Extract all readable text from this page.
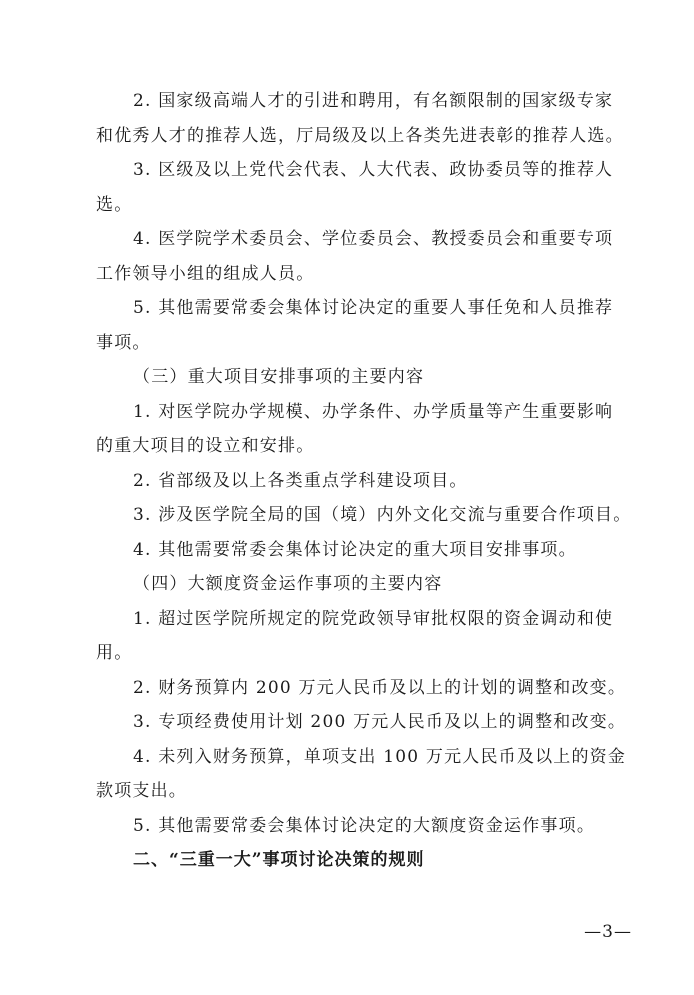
2. 国家级高端人才的引进和聘用，有名额限制的国家级专家
和优秀人才的推荐人选，厅局级及以上各类先进表彰的推荐人选。
3. 区级及以上党代会代表、人大代表、政协委员等的推荐人
选。
4. 医学院学术委员会、学位委员会、教授委员会和重要专项
工作领导小组的组成人员。
5. 其他需要常委会集体讨论决定的重要人事任免和人员推荐
事项。
（三）重大项目安排事项的主要内容
1. 对医学院办学规模、办学条件、办学质量等产生重要影响
的重大项目的设立和安排。
2. 省部级及以上各类重点学科建设项目。
3. 涉及医学院全局的国（境）内外文化交流与重要合作项目。
4. 其他需要常委会集体讨论决定的重大项目安排事项。
（四）大额度资金运作事项的主要内容
1. 超过医学院所规定的院党政领导审批权限的资金调动和使
用。
2. 财务预算内 200 万元人民币及以上的计划的调整和改变。
3. 专项经费使用计划 200 万元人民币及以上的调整和改变。
4. 未列入财务预算，单项支出 100 万元人民币及以上的资金
款项支出。
5. 其他需要常委会集体讨论决定的大额度资金运作事项。
二、“三重一大”事项讨论决策的规则
—3—
